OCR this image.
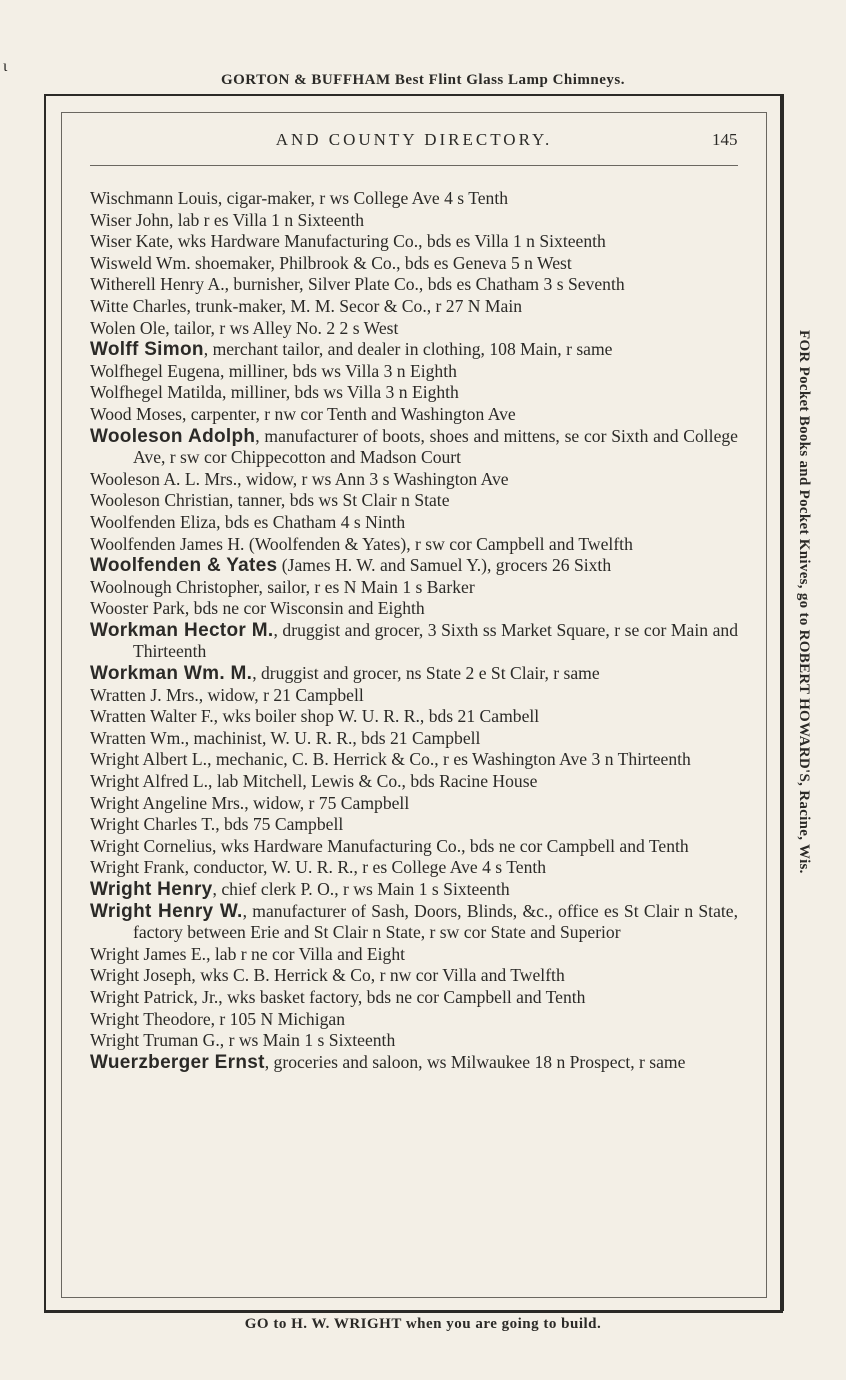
ɩ
GORTON & BUFFHAM Best Flint Glass Lamp Chimneys.
AND COUNTY DIRECTORY.	145

Wischmann Louis, cigar-maker, r ws College Ave 4 s Tenth

Wiser John, lab r es Villa 1 n Sixteenth

Wiser Kate, wks Hardware Manufacturing Co., bds es Villa 1 n Sixteenth

Wisweld Wm. shoemaker, Philbrook & Co., bds es Geneva 5 n West

Witherell Henry A., burnisher, Silver Plate Co., bds es Chatham 3 s Seventh

Witte Charles, trunk-maker, M. M. Secor & Co., r 27 N Main

Wolen Ole, tailor, r ws Alley No. 2 2 s West

Wolff Simon, merchant tailor, and dealer in clothing, 108 Main, r same

Wolfhegel Eugena, milliner, bds ws Villa 3 n Eighth

Wolfhegel Matilda, milliner, bds ws Villa 3 n Eighth

Wood Moses, carpenter, r nw cor Tenth and Washington Ave

Wooleson Adolph, manufacturer of boots, shoes and mittens, se cor Sixth and College Ave, r sw cor Chippecotton and Madson Court

Wooleson A. L. Mrs., widow, r ws Ann 3 s Washington Ave

Wooleson Christian, tanner, bds ws St Clair n State

Woolfenden Eliza, bds es Chatham 4 s Ninth

Woolfenden James H. (Woolfenden & Yates), r sw cor Campbell and Twelfth

Woolfenden & Yates (James H. W. and Samuel Y.), grocers 26 Sixth

Woolnough Christopher, sailor, r es N Main 1 s Barker

Wooster Park, bds ne cor Wisconsin and Eighth

Workman Hector M., druggist and grocer, 3 Sixth ss Market Square, r se cor Main and Thirteenth

Workman Wm. M., druggist and grocer, ns State 2 e St Clair, r same

Wratten J. Mrs., widow, r 21 Campbell

Wratten Walter F., wks boiler shop W. U. R. R., bds 21 Cambell

Wratten Wm., machinist, W. U. R. R., bds 21 Campbell

Wright Albert L., mechanic, C. B. Herrick & Co., r es Washington Ave 3 n Thirteenth

Wright Alfred L., lab Mitchell, Lewis & Co., bds Racine House

Wright Angeline Mrs., widow, r 75 Campbell

Wright Charles T., bds 75 Campbell

Wright Cornelius, wks Hardware Manufacturing Co., bds ne cor Campbell and Tenth

Wright Frank, conductor, W. U. R. R., r es College Ave 4 s Tenth

Wright Henry, chief clerk P. O., r ws Main 1 s Sixteenth

Wright Henry W., manufacturer of Sash, Doors, Blinds, &c., office es St Clair n State, factory between Erie and St Clair n State, r sw cor State and Superior

Wright James E., lab r ne cor Villa and Eight

Wright Joseph, wks C. B. Herrick & Co, r nw cor Villa and Twelfth

Wright Patrick, Jr., wks basket factory, bds ne cor Campbell and Tenth

Wright Theodore, r 105 N Michigan

Wright Truman G., r ws Main 1 s Sixteenth

Wuerzberger Ernst, groceries and saloon, ws Milwaukee 18 n Prospect, r same

FOR Pocket Books and Pocket Knives, go to ROBERT HOWARD'S, Racine, Wis.
GO to H. W. WRIGHT when you are going to build.
